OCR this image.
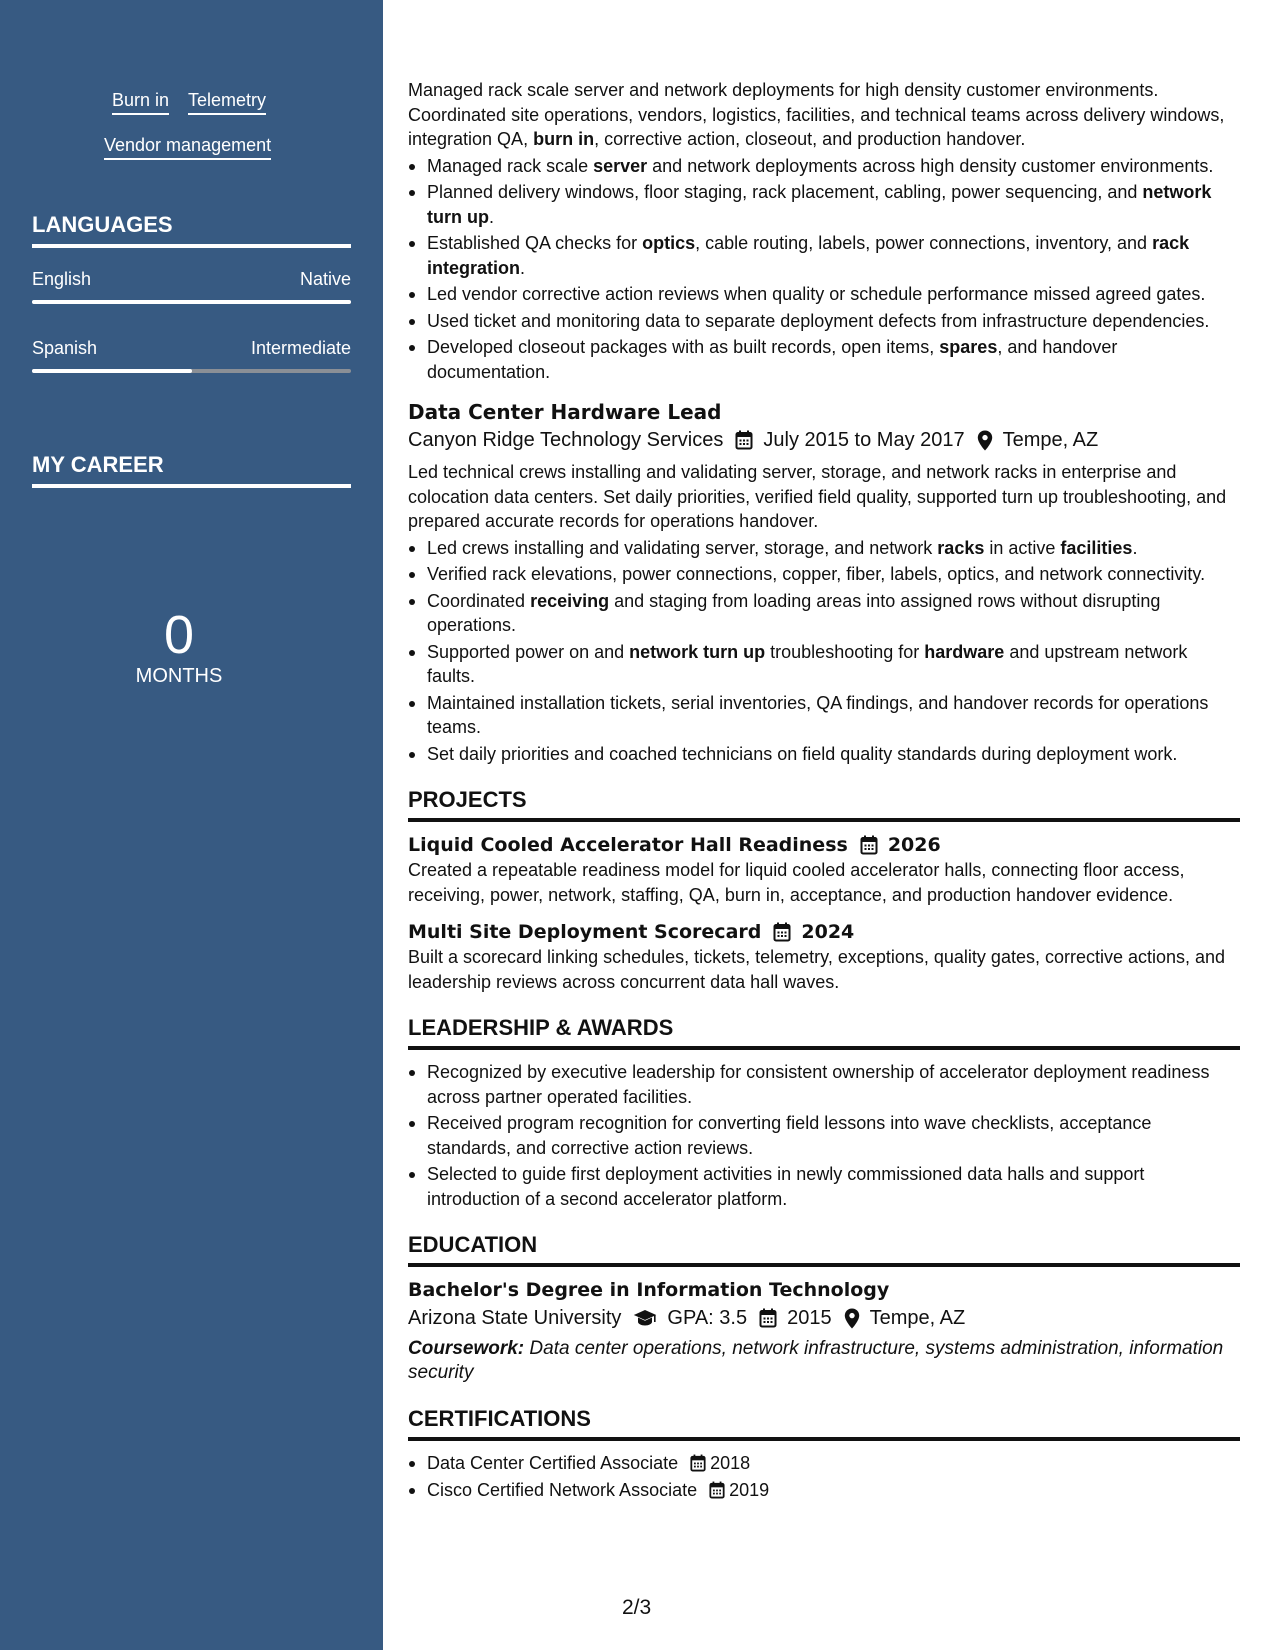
Burn in Telemetry
Vendor management
LANGUAGES
English	Native
Spanish	Intermediate
MY CAREER
0
MONTHS

Managed rack scale server and network deployments for high density customer environments. Coordinated site operations, vendors, logistics, facilities, and technical teams across delivery windows, integration QA, burn in, corrective action, closeout, and production handover.

Managed rack scale server and network deployments across high density customer environments.
Planned delivery windows, floor staging, rack placement, cabling, power sequencing, and network turn up.
Established QA checks for optics, cable routing, labels, power connections, inventory, and rack integration.
Led vendor corrective action reviews when quality or schedule performance missed agreed gates.
Used ticket and monitoring data to separate deployment defects from infrastructure dependencies.
Developed closeout packages with as built records, open items, spares, and handover documentation.
Data Center Hardware Lead
Canyon Ridge Technology Services July 2015 to May 2017 Tempe, AZ

Led technical crews installing and validating server, storage, and network racks in enterprise and colocation data centers. Set daily priorities, verified field quality, supported turn up troubleshooting, and prepared accurate records for operations handover.

Led crews installing and validating server, storage, and network racks in active facilities.
Verified rack elevations, power connections, copper, fiber, labels, optics, and network connectivity.
Coordinated receiving and staging from loading areas into assigned rows without disrupting operations.
Supported power on and network turn up troubleshooting for hardware and upstream network faults.
Maintained installation tickets, serial inventories, QA findings, and handover records for operations teams.
Set daily priorities and coached technicians on field quality standards during deployment work.
PROJECTS
Liquid Cooled Accelerator Hall Readiness 2026

Created a repeatable readiness model for liquid cooled accelerator halls, connecting floor access, receiving, power, network, staffing, QA, burn in, acceptance, and production handover evidence.

Multi Site Deployment Scorecard 2024

Built a scorecard linking schedules, tickets, telemetry, exceptions, quality gates, corrective actions, and leadership reviews across concurrent data hall waves.

LEADERSHIP & AWARDS
Recognized by executive leadership for consistent ownership of accelerator deployment readiness across partner operated facilities.
Received program recognition for converting field lessons into wave checklists, acceptance standards, and corrective action reviews.
Selected to guide first deployment activities in newly commissioned data halls and support introduction of a second accelerator platform.
EDUCATION
Bachelor's Degree in Information Technology
Arizona State University GPA: 3.5 2015 Tempe, AZ

Coursework: Data center operations, network infrastructure, systems administration, information security

CERTIFICATIONS
Data Center Certified Associate 2018
Cisco Certified Network Associate 2019
2/3
